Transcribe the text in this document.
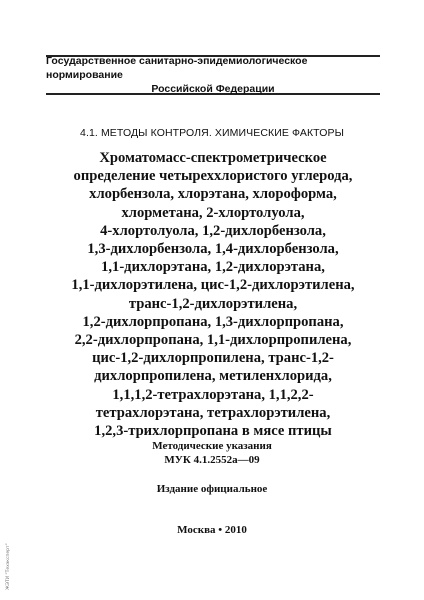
Государственное санитарно-эпидемиологическое нормирование
Российской Федерации
4.1. МЕТОДЫ КОНТРОЛЯ. ХИМИЧЕСКИЕ ФАКТОРЫ
Хроматомасс-спектрометрическое
определение четыреххлористого углерода,
хлорбензола, хлорэтана, хлороформа,
хлорметана, 2-хлортолуола,
4-хлортолуола, 1,2-дихлорбензола,
1,3-дихлорбензола, 1,4-дихлорбензола,
1,1-дихлорэтана, 1,2-дихлорэтана,
1,1-дихлорэтилена, цис-1,2-дихлорэтилена,
транс-1,2-дихлорэтилена,
1,2-дихлорпропана, 1,3-дихлорпропана,
2,2-дихлорпропана, 1,1-дихлорпропилена,
цис-1,2-дихлорпропилена, транс-1,2-
дихлорпропилена, метиленхлорида,
1,1,1,2-тетрахлорэтана, 1,1,2,2-
тетрахлорэтана, тетрахлорэтилена,
1,2,3-трихлорпропана в мясе птицы
Методические указания
МУК 4.1.2552а—09
Издание официальное
Москва • 2010
ЖЭТИ "Техэксперт"
